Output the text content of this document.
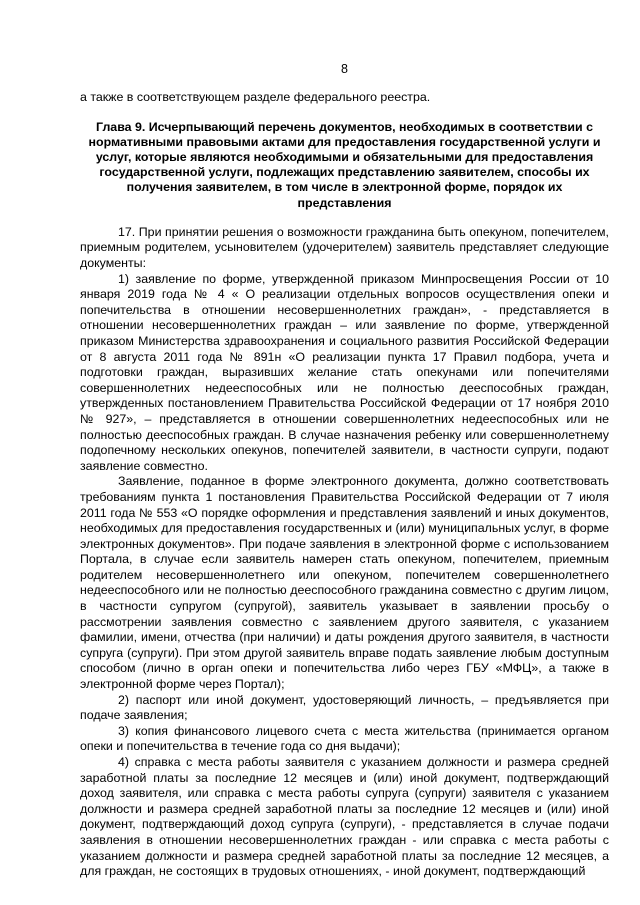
8

а также в соответствующем разделе федерального реестра.

Глава 9. Исчерпывающий перечень документов, необходимых в соответствии с нормативными правовыми актами для предоставления государственной услуги и услуг, которые являются необходимыми и обязательными для предоставления государственной услуги, подлежащих представлению заявителем, способы их получения заявителем, в том числе в электронной форме, порядок их представления

17. При принятии решения о возможности гражданина быть опекуном, попечителем, приемным родителем, усыновителем (удочерителем) заявитель представляет следующие документы:

1) заявление по форме, утвержденной приказом Минпросвещения России от 10 января 2019 года № 4 « О реализации отдельных вопросов осуществления опеки и попечительства в отношении несовершеннолетних граждан», - представляется в отношении несовершеннолетних граждан – или заявление по форме, утвержденной приказом Министерства здравоохранения и социального развития Российской Федерации от 8 августа 2011 года № 891н «О реализации пункта 17 Правил подбора, учета и подготовки граждан, выразивших желание стать опекунами или попечителями совершеннолетних недееспособных или не полностью дееспособных граждан, утвержденных постановлением Правительства Российской Федерации от 17 ноября 2010 № 927», – представляется в отношении совершеннолетних недееспособных или не полностью дееспособных граждан. В случае назначения ребенку или совершеннолетнему подопечному нескольких опекунов, попечителей заявители, в частности супруги, подают заявление совместно.

Заявление, поданное в форме электронного документа, должно соответствовать требованиям пункта 1 постановления Правительства Российской Федерации от 7 июля 2011 года № 553 «О порядке оформления и представления заявлений и иных документов, необходимых для предоставления государственных и (или) муниципальных услуг, в форме электронных документов». При подаче заявления в электронной форме с использованием Портала, в случае если заявитель намерен стать опекуном, попечителем, приемным родителем несовершеннолетнего или опекуном, попечителем совершеннолетнего недееспособного или не полностью дееспособного гражданина совместно с другим лицом, в частности супругом (супругой), заявитель указывает в заявлении просьбу о рассмотрении заявления совместно с заявлением другого заявителя, с указанием фамилии, имени, отчества (при наличии) и даты рождения другого заявителя, в частности супруга (супруги). При этом другой заявитель вправе подать заявление любым доступным способом (лично в орган опеки и попечительства либо через ГБУ «МФЦ», а также в электронной форме через Портал);

2) паспорт или иной документ, удостоверяющий личность, – предъявляется при подаче заявления;

3) копия финансового лицевого счета с места жительства (принимается органом опеки и попечительства в течение года со дня выдачи);

4) справка с места работы заявителя с указанием должности и размера средней заработной платы за последние 12 месяцев и (или) иной документ, подтверждающий доход заявителя, или справка с места работы супруга (супруги) заявителя с указанием должности и размера средней заработной платы за последние 12 месяцев и (или) иной документ, подтверждающий доход супруга (супруги), - представляется в случае подачи заявления в отношении несовершеннолетних граждан - или справка с места работы с указанием должности и размера средней заработной платы за последние 12 месяцев, а для граждан, не состоящих в трудовых отношениях, - иной документ, подтверждающий
